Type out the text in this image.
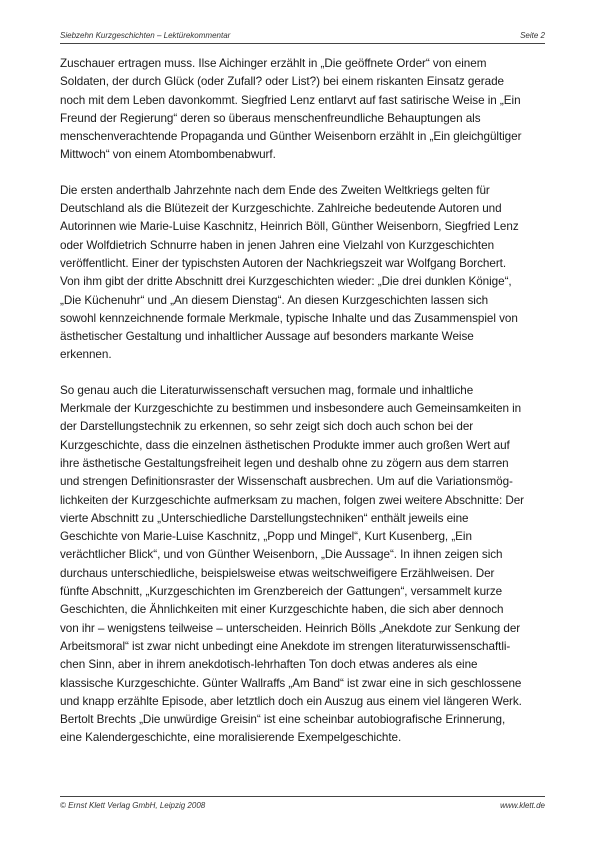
Siebzehn Kurzgeschichten – Lektürekommentar	Seite 2
Zuschauer ertragen muss. Ilse Aichinger erzählt in „Die geöffnete Order“ von einem
Soldaten, der durch Glück (oder Zufall? oder List?) bei einem riskanten Einsatz gerade
noch mit dem Leben davonkommt. Siegfried Lenz entlarvt auf fast satirische Weise in „Ein
Freund der Regierung“ deren so überaus menschenfreundliche Behauptungen als
menschenverachtende Propaganda und Günther Weisenborn erzählt in „Ein gleichgültiger
Mittwoch“ von einem Atombombenabwurf.
Die ersten anderthalb Jahrzehnte nach dem Ende des Zweiten Weltkriegs gelten für
Deutschland als die Blütezeit der Kurzgeschichte. Zahlreiche bedeutende Autoren und
Autorinnen wie Marie-Luise Kaschnitz, Heinrich Böll, Günther Weisenborn, Siegfried Lenz
oder Wolfdietrich Schnurre haben in jenen Jahren eine Vielzahl von Kurzgeschichten
veröffentlicht. Einer der typischsten Autoren der Nachkriegszeit war Wolfgang Borchert.
Von ihm gibt der dritte Abschnitt drei Kurzgeschichten wieder: „Die drei dunklen Könige“,
„Die Küchenuhr“ und „An diesem Dienstag“. An diesen Kurzgeschichten lassen sich
sowohl kennzeichnende formale Merkmale, typische Inhalte und das Zusammenspiel von
ästhetischer Gestaltung und inhaltlicher Aussage auf besonders markante Weise
erkennen.
So genau auch die Literaturwissenschaft versuchen mag, formale und inhaltliche
Merkmale der Kurzgeschichte zu bestimmen und insbesondere auch Gemeinsamkeiten in
der Darstellungstechnik zu erkennen, so sehr zeigt sich doch auch schon bei der
Kurzgeschichte, dass die einzelnen ästhetischen Produkte immer auch großen Wert auf
ihre ästhetische Gestaltungsfreiheit legen und deshalb ohne zu zögern aus dem starren
und strengen Definitionsraster der Wissenschaft ausbrechen. Um auf die Variationsmög-
lichkeiten der Kurzgeschichte aufmerksam zu machen, folgen zwei weitere Abschnitte: Der
vierte Abschnitt zu „Unterschiedliche Darstellungstechniken“ enthält jeweils eine
Geschichte von Marie-Luise Kaschnitz, „Popp und Mingel“, Kurt Kusenberg, „Ein
verächtlicher Blick“, und von Günther Weisenborn, „Die Aussage“. In ihnen zeigen sich
durchaus unterschiedliche, beispielsweise etwas weitschweifigere Erzählweisen. Der
fünfte Abschnitt, „Kurzgeschichten im Grenzbereich der Gattungen“, versammelt kurze
Geschichten, die Ähnlichkeiten mit einer Kurzgeschichte haben, die sich aber dennoch
von ihr – wenigstens teilweise – unterscheiden. Heinrich Bölls „Anekdote zur Senkung der
Arbeitsmoral“ ist zwar nicht unbedingt eine Anekdote im strengen literaturwissenschaftli-
chen Sinn, aber in ihrem anekdotisch-lehrhaften Ton doch etwas anderes als eine
klassische Kurzgeschichte. Günter Wallraffs „Am Band“ ist zwar eine in sich geschlossene
und knapp erzählte Episode, aber letztlich doch ein Auszug aus einem viel längeren Werk.
Bertolt Brechts „Die unwürdige Greisin“ ist eine scheinbar autobiografische Erinnerung,
eine Kalendergeschichte, eine moralisierende Exempelgeschichte.
© Ernst Klett Verlag GmbH, Leipzig 2008	www.klett.de
